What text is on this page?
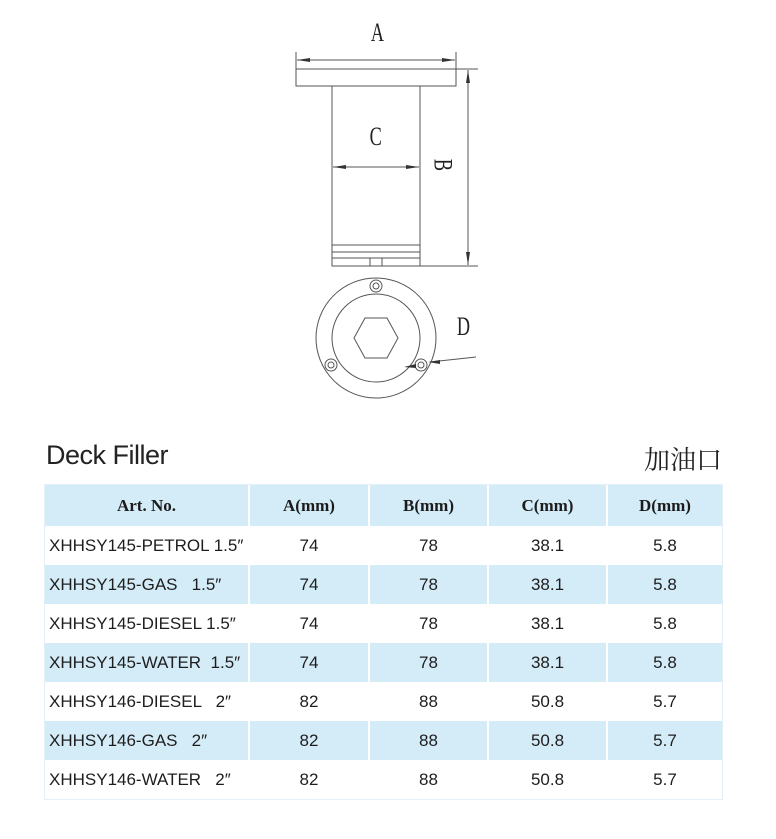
A
C
B
D
Deck Filler	加油口
Art. No.	A(mm)	B(mm)	C(mm)	D(mm)
XHHSY145-PETROL 1.5″	74	78	38.1	5.8
XHHSY145-GAS   1.5″	74	78	38.1	5.8
XHHSY145-DIESEL 1.5″	74	78	38.1	5.8
XHHSY145-WATER  1.5″	74	78	38.1	5.8
XHHSY146-DIESEL   2″	82	88	50.8	5.7
XHHSY146-GAS   2″	82	88	50.8	5.7
XHHSY146-WATER   2″	82	88	50.8	5.7
